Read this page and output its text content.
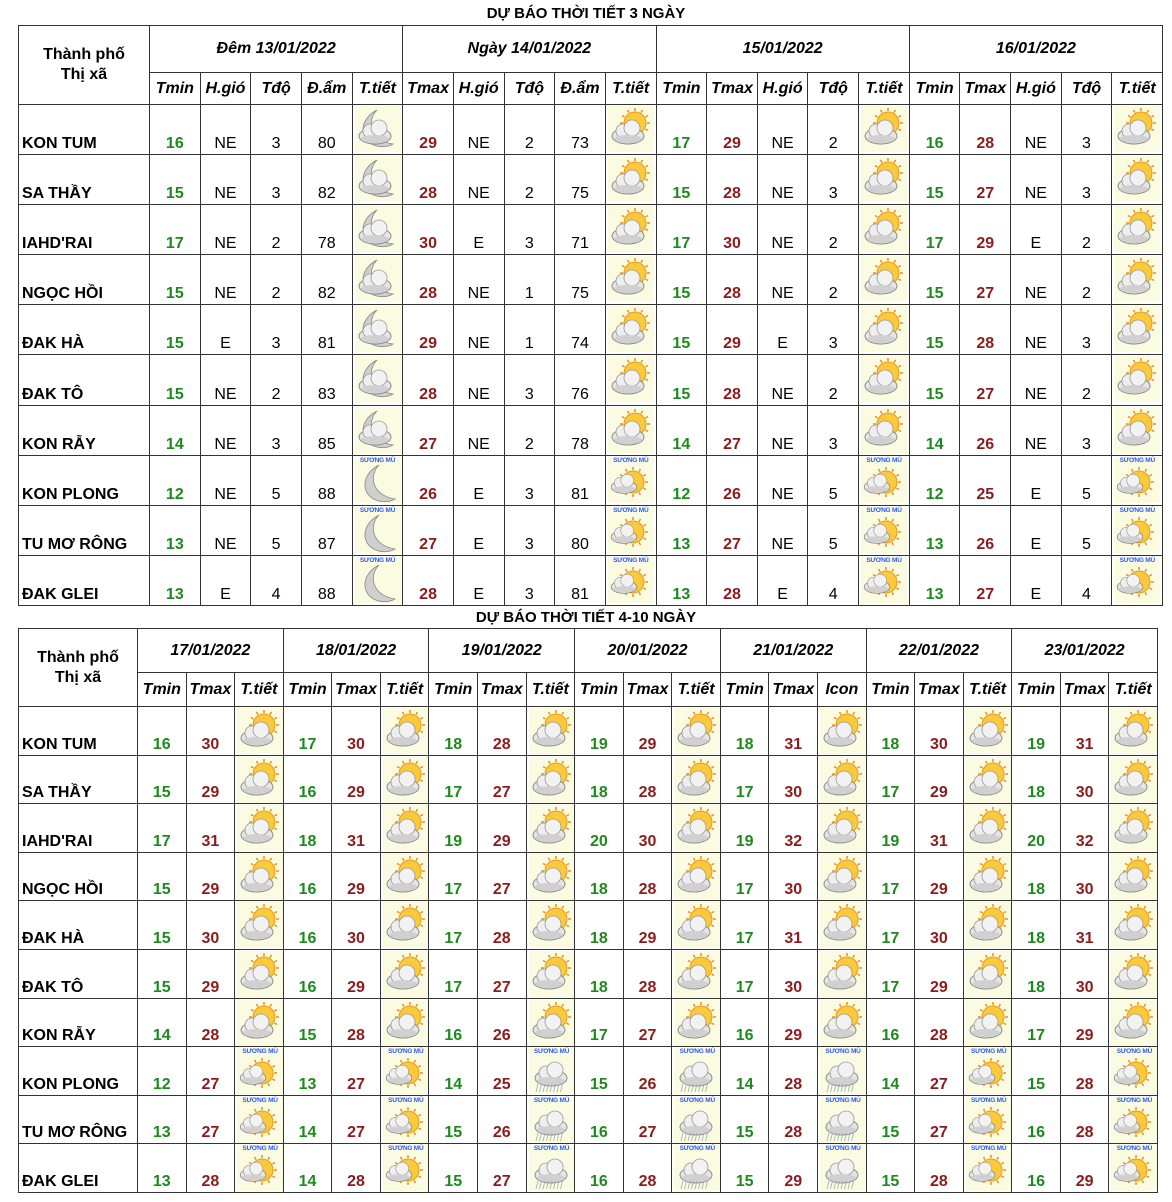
DỰ BÁO THỜI TIẾT 3 NGÀY
Thành phố
Thị xã	Đêm 13/01/2022					Ngày 14/01/2022					15/01/2022					16/01/2022				
	Tmin	H.gió	Tđộ	Đ.ẩm	T.tiết	Tmax	H.gió	Tđộ	Đ.ẩm	T.tiết	Tmin	Tmax	H.gió	Tđộ	T.tiết	Tmin	Tmax	H.gió	Tđộ	T.tiết
KON TUM	16	NE	3	80		29	NE	2	73		17	29	NE	2		16	28	NE	3	

SA THẦY	15	NE	3	82		28	NE	2	75		15	28	NE	3		15	27	NE	3	

IAHD'RAI	17	NE	2	78		30	E	3	71		17	30	NE	2		17	29	E	2	

NGỌC HỒI	15	NE	2	82		28	NE	1	75		15	28	NE	2		15	27	NE	2	

ĐAK HÀ	15	E	3	81		29	NE	1	74		15	29	E	3		15	28	NE	3	

ĐAK TÔ	15	NE	2	83		28	NE	3	76		15	28	NE	2		15	27	NE	2	

KON RẪY	14	NE	3	85		27	NE	2	78		14	27	NE	3		14	26	NE	3	

KON PLONG	12	NE	5	88	SƯƠNG MÙ	26	E	3	81	SƯƠNG MÙ	12	26	NE	5	SƯƠNG MÙ	12	25	E	5	SƯƠNG MÙ

TU MƠ RÔNG	13	NE	5	87	SƯƠNG MÙ	27	E	3	80	SƯƠNG MÙ	13	27	NE	5	SƯƠNG MÙ	13	26	E	5	SƯƠNG MÙ

ĐAK GLEI	13	E	4	88	SƯƠNG MÙ	28	E	3	81	SƯƠNG MÙ	13	28	E	4	SƯƠNG MÙ	13	27	E	4	SƯƠNG MÙ
DỰ BÁO THỜI TIẾT 4-10 NGÀY
Thành phố
Thị xã	17/01/2022			18/01/2022			19/01/2022			20/01/2022			21/01/2022			22/01/2022			23/01/2022		
	Tmin	Tmax	T.tiết	Tmin	Tmax	T.tiết	Tmin	Tmax	T.tiết	Tmin	Tmax	T.tiết	Tmin	Tmax	Icon	Tmin	Tmax	T.tiết	Tmin	Tmax	T.tiết
KON TUM	16	30		17	30		18	28		19	29		18	31		18	30		19	31	

SA THẦY	15	29		16	29		17	27		18	28		17	30		17	29		18	30	

IAHD'RAI	17	31		18	31		19	29		20	30		19	32		19	31		20	32	

NGỌC HỒI	15	29		16	29		17	27		18	28		17	30		17	29		18	30	

ĐAK HÀ	15	30		16	30		17	28		18	29		17	31		17	30		18	31	

ĐAK TÔ	15	29		16	29		17	27		18	28		17	30		17	29		18	30	

KON RẪY	14	28		15	28		16	26		17	27		16	29		16	28		17	29	

KON PLONG	12	27	SƯƠNG MÙ	13	27	SƯƠNG MÙ	14	25	SƯƠNG MÙ	15	26	SƯƠNG MÙ	14	28	SƯƠNG MÙ	14	27	SƯƠNG MÙ	15	28	SƯƠNG MÙ

TU MƠ RÔNG	13	27	SƯƠNG MÙ	14	27	SƯƠNG MÙ	15	26	SƯƠNG MÙ	16	27	SƯƠNG MÙ	15	28	SƯƠNG MÙ	15	27	SƯƠNG MÙ	16	28	SƯƠNG MÙ

ĐAK GLEI	13	28	SƯƠNG MÙ	14	28	SƯƠNG MÙ	15	27	SƯƠNG MÙ	16	28	SƯƠNG MÙ	15	29	SƯƠNG MÙ	15	28	SƯƠNG MÙ	16	29	SƯƠNG MÙ
